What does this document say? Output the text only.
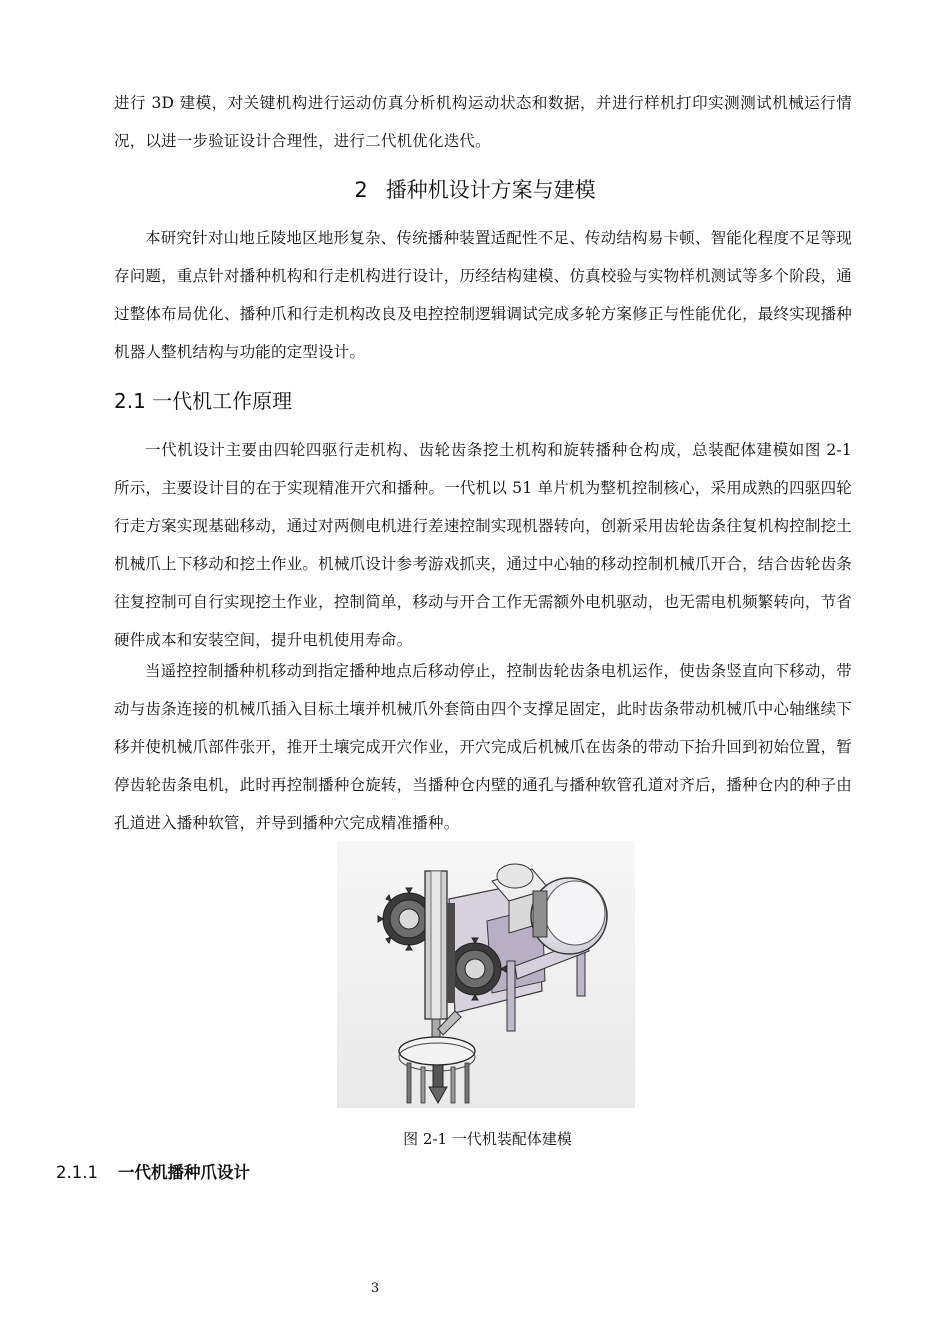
进行 3D 建模，对关键机构进行运动仿真分析机构运动状态和数据，并进行样机打印实测测试机械运行情况，以进一步验证设计合理性，进行二代机优化迭代。

2 播种机设计方案与建模

本研究针对山地丘陵地区地形复杂、传统播种装置适配性不足、传动结构易卡顿、智能化程度不足等现存问题，重点针对播种机构和行走机构进行设计，历经结构建模、仿真校验与实物样机测试等多个阶段，通过整体布局优化、播种爪和行走机构改良及电控控制逻辑调试完成多轮方案修正与性能优化，最终实现播种机器人整机结构与功能的定型设计。

2.1 一代机工作原理

一代机设计主要由四轮四驱行走机构、齿轮齿条挖土机构和旋转播种仓构成，总装配体建模如图 2-1 所示，主要设计目的在于实现精准开穴和播种。一代机以 51 单片机为整机控制核心，采用成熟的四驱四轮行走方案实现基础移动，通过对两侧电机进行差速控制实现机器转向，创新采用齿轮齿条往复机构控制挖土机械爪上下移动和挖土作业。机械爪设计参考游戏抓夹，通过中心轴的移动控制机械爪开合，结合齿轮齿条往复控制可自行实现挖土作业，控制简单，移动与开合工作无需额外电机驱动，也无需电机频繁转向，节省硬件成本和安装空间，提升电机使用寿命。

当遥控控制播种机移动到指定播种地点后移动停止，控制齿轮齿条电机运作，使齿条竖直向下移动，带动与齿条连接的机械爪插入目标土壤并机械爪外套筒由四个支撑足固定，此时齿条带动机械爪中心轴继续下移并使机械爪部件张开，推开土壤完成开穴作业，开穴完成后机械爪在齿条的带动下抬升回到初始位置，暂停齿轮齿条电机，此时再控制播种仓旋转，当播种仓内壁的通孔与播种软管孔道对齐后，播种仓内的种子由孔道进入播种软管，并导到播种穴完成精准播种。

图 2-1 一代机装配体建模
2.1.1 一代机播种爪设计
3
